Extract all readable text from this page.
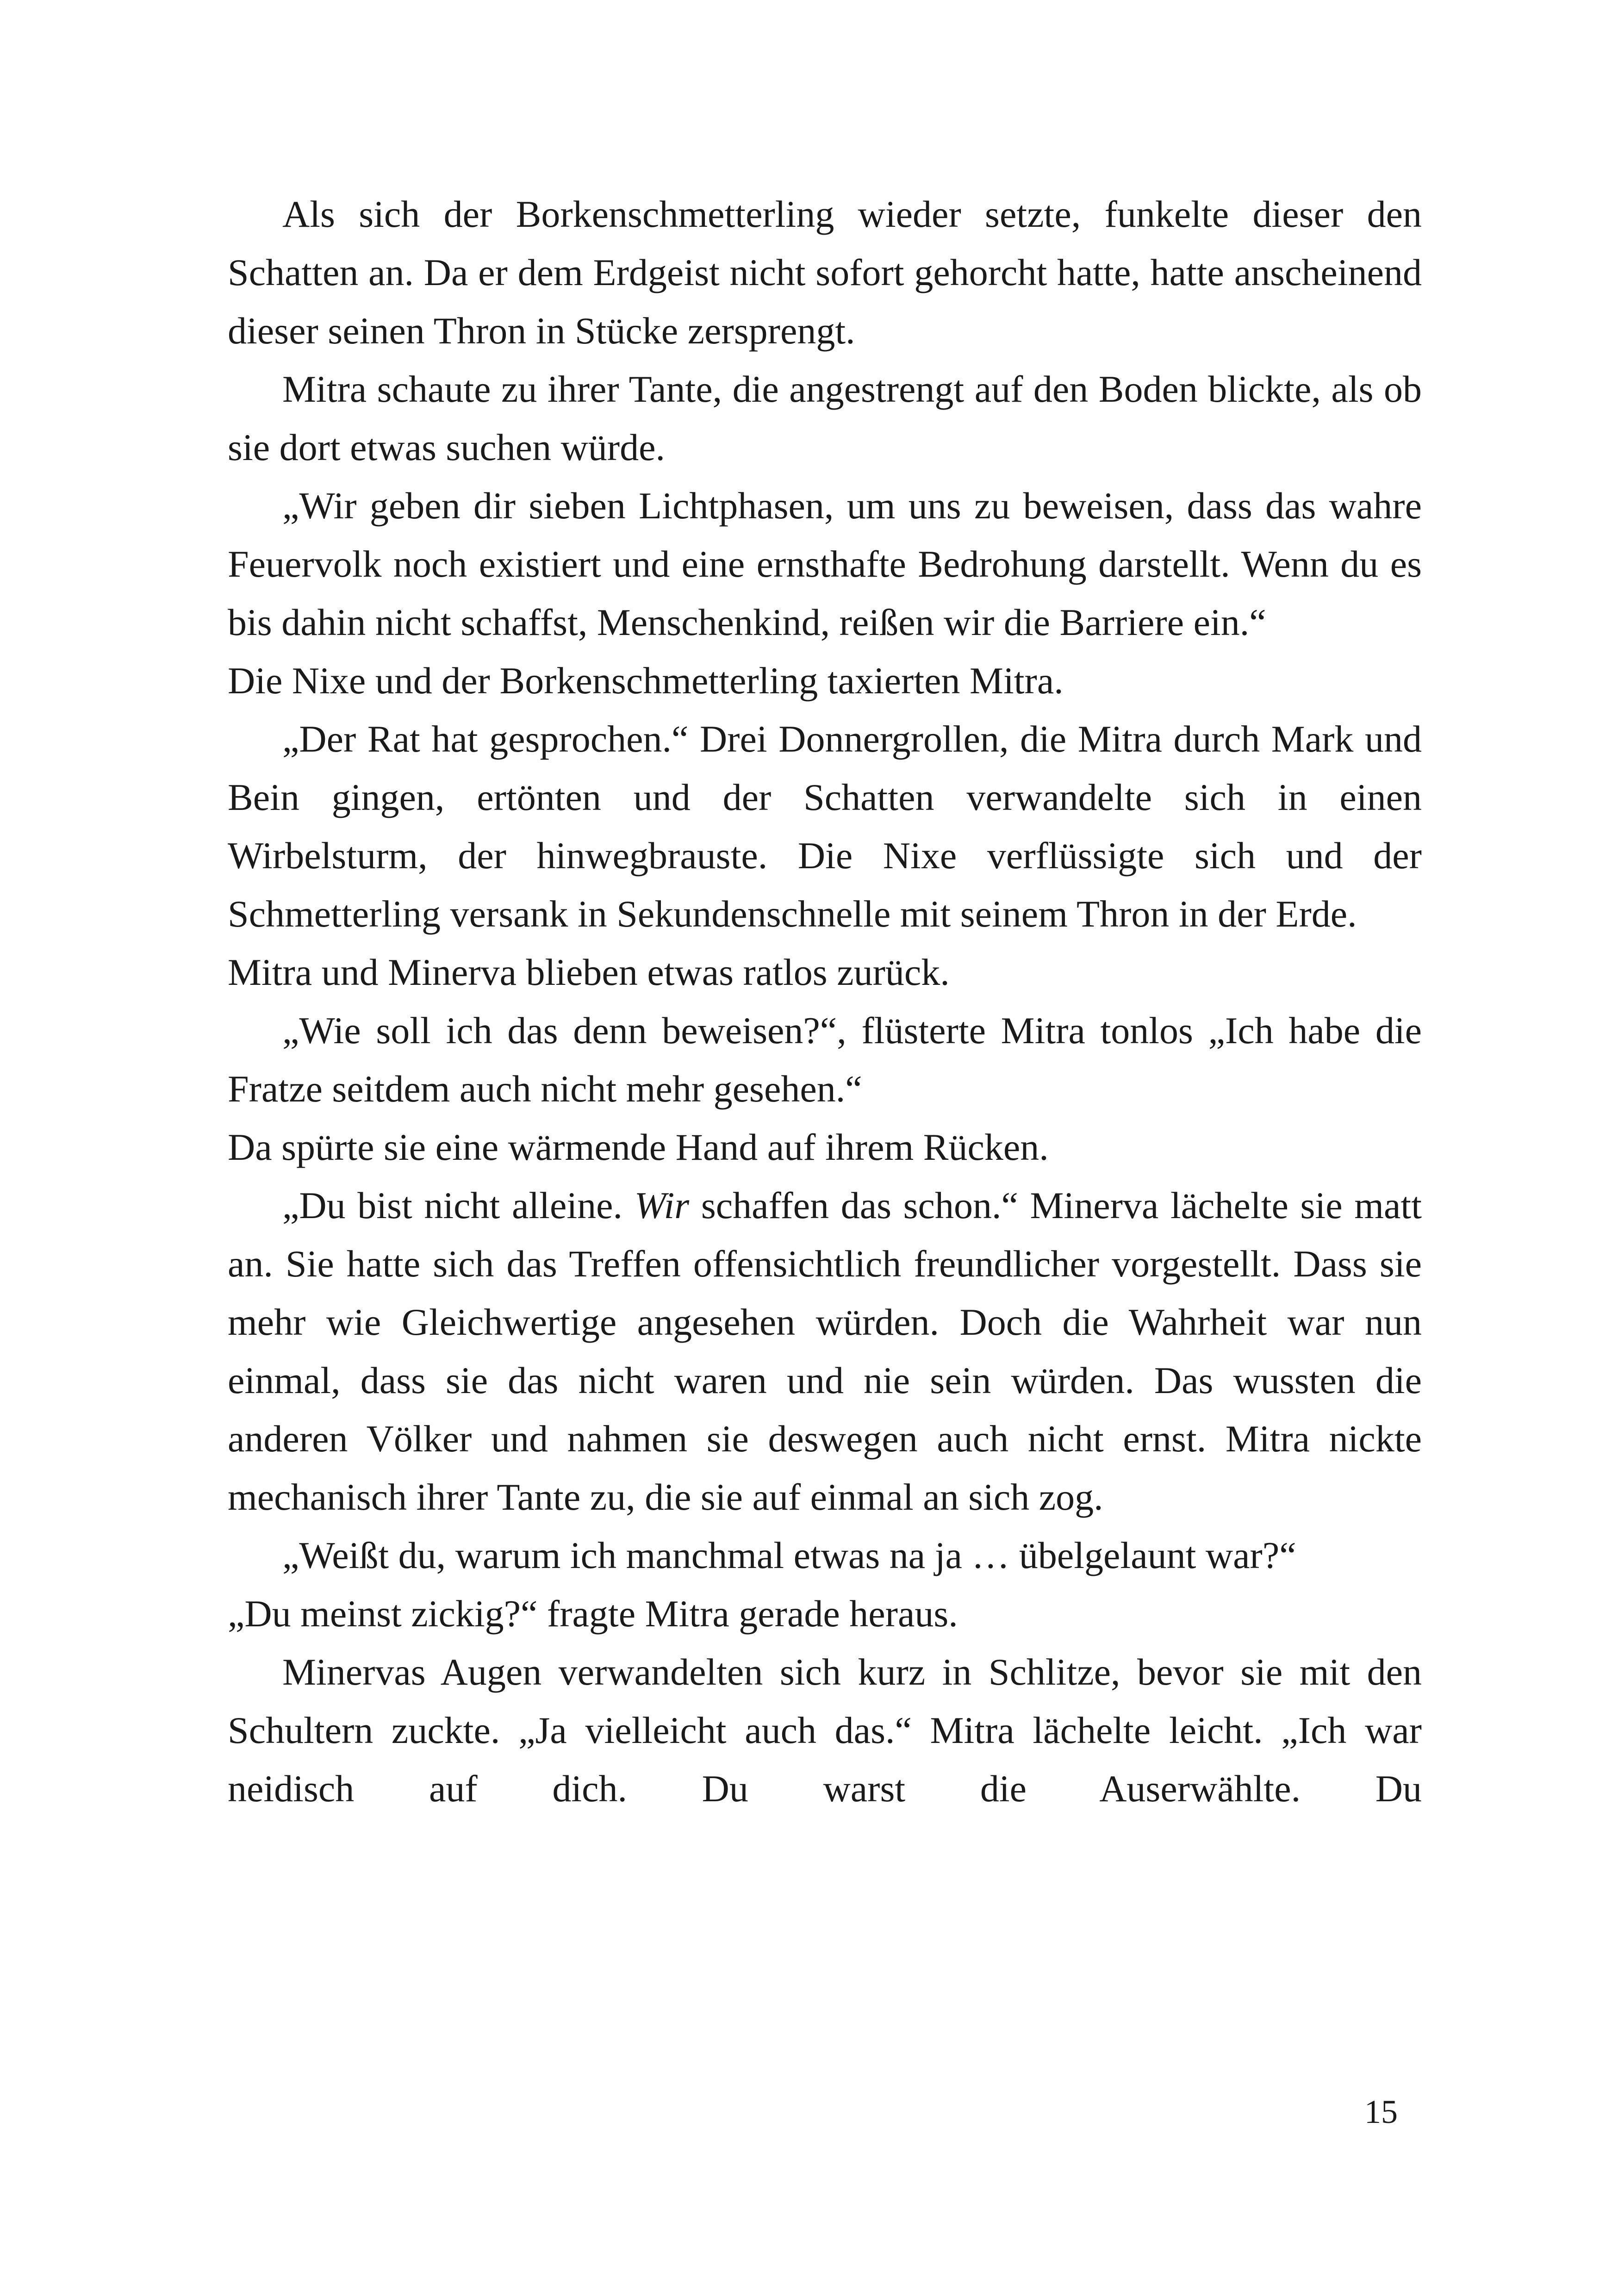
Als sich der Borkenschmetterling wieder setzte, funkelte dieser den Schatten an. Da er dem Erdgeist nicht sofort gehorcht hatte, hatte anscheinend dieser seinen Thron in Stücke zersprengt.

Mitra schaute zu ihrer Tante, die angestrengt auf den Boden blickte, als ob sie dort etwas suchen würde.

„Wir geben dir sieben Lichtphasen, um uns zu beweisen, dass das wahre Feuervolk noch existiert und eine ernsthafte Bedrohung darstellt. Wenn du es bis dahin nicht schaffst, Menschenkind, reißen wir die Barriere ein.“

Die Nixe und der Borkenschmetterling taxierten Mitra.

„Der Rat hat gesprochen.“ Drei Donnergrollen, die Mitra durch Mark und Bein gingen, ertönten und der Schatten verwandelte sich in einen Wirbelsturm, der hinwegbrauste. Die Nixe verflüssigte sich und der Schmetterling versank in Sekundenschnelle mit seinem Thron in der Erde.

Mitra und Minerva blieben etwas ratlos zurück.

„Wie soll ich das denn beweisen?“, flüsterte Mitra tonlos „Ich habe die Fratze seitdem auch nicht mehr gesehen.“

Da spürte sie eine wärmende Hand auf ihrem Rücken.

„Du bist nicht alleine. Wir schaffen das schon.“ Minerva lächelte sie matt an. Sie hatte sich das Treffen offensichtlich freundlicher vorgestellt. Dass sie mehr wie Gleichwertige angesehen würden. Doch die Wahrheit war nun einmal, dass sie das nicht waren und nie sein würden. Das wussten die anderen Völker und nahmen sie deswegen auch nicht ernst. Mitra nickte mechanisch ihrer Tante zu, die sie auf einmal an sich zog.

„Weißt du, warum ich manchmal etwas na ja … übelgelaunt war?“

„Du meinst zickig?“ fragte Mitra gerade heraus.

Minervas Augen verwandelten sich kurz in Schlitze, bevor sie mit den Schultern zuckte. „Ja vielleicht auch das.“ Mitra lächelte leicht. „Ich war neidisch auf dich. Du warst die Auserwählte. Du

15
